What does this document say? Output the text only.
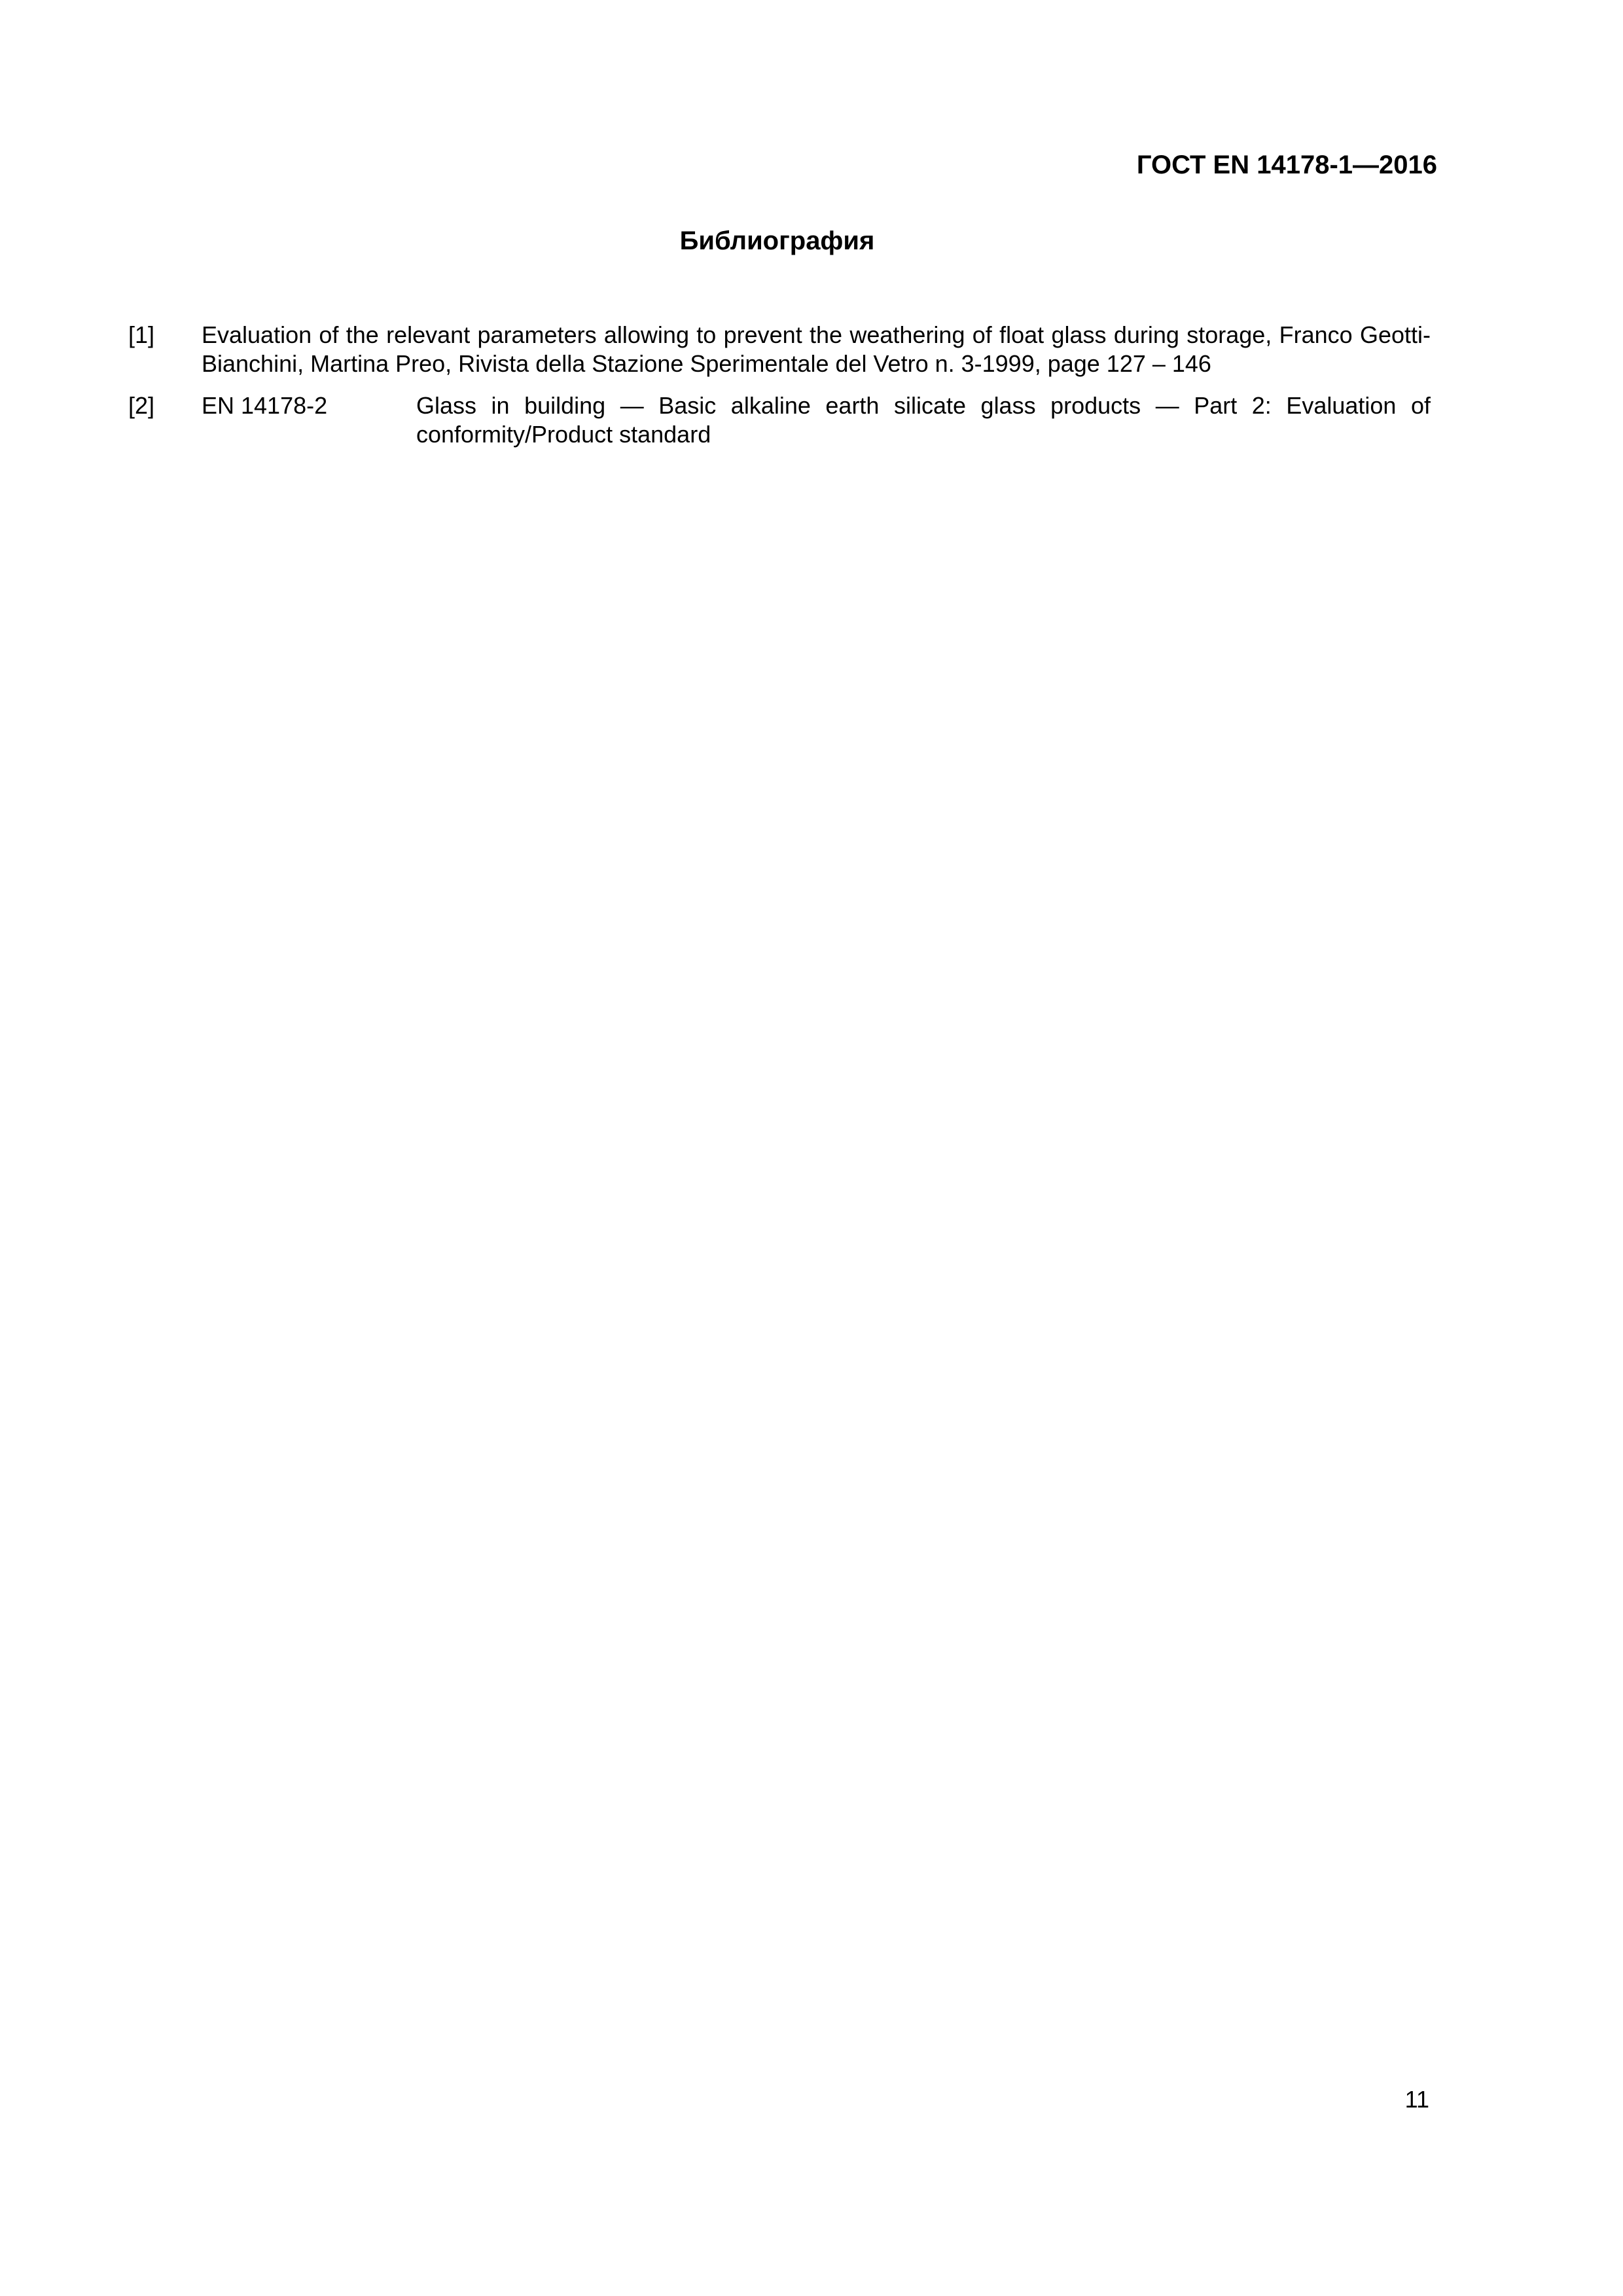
ГОСТ EN 14178-1—2016
Библиография
[1] Evaluation of the relevant parameters allowing to prevent the weathering of float glass during storage, Franco Geotti-Bianchini, Martina Preo, Rivista della Stazione Sperimentale del Vetro n. 3-1999, page 127 – 146
[2] EN 14178-2	Glass in building — Basic alkaline earth silicate glass products — Part 2: Evaluation of conformity/Product standard
11
